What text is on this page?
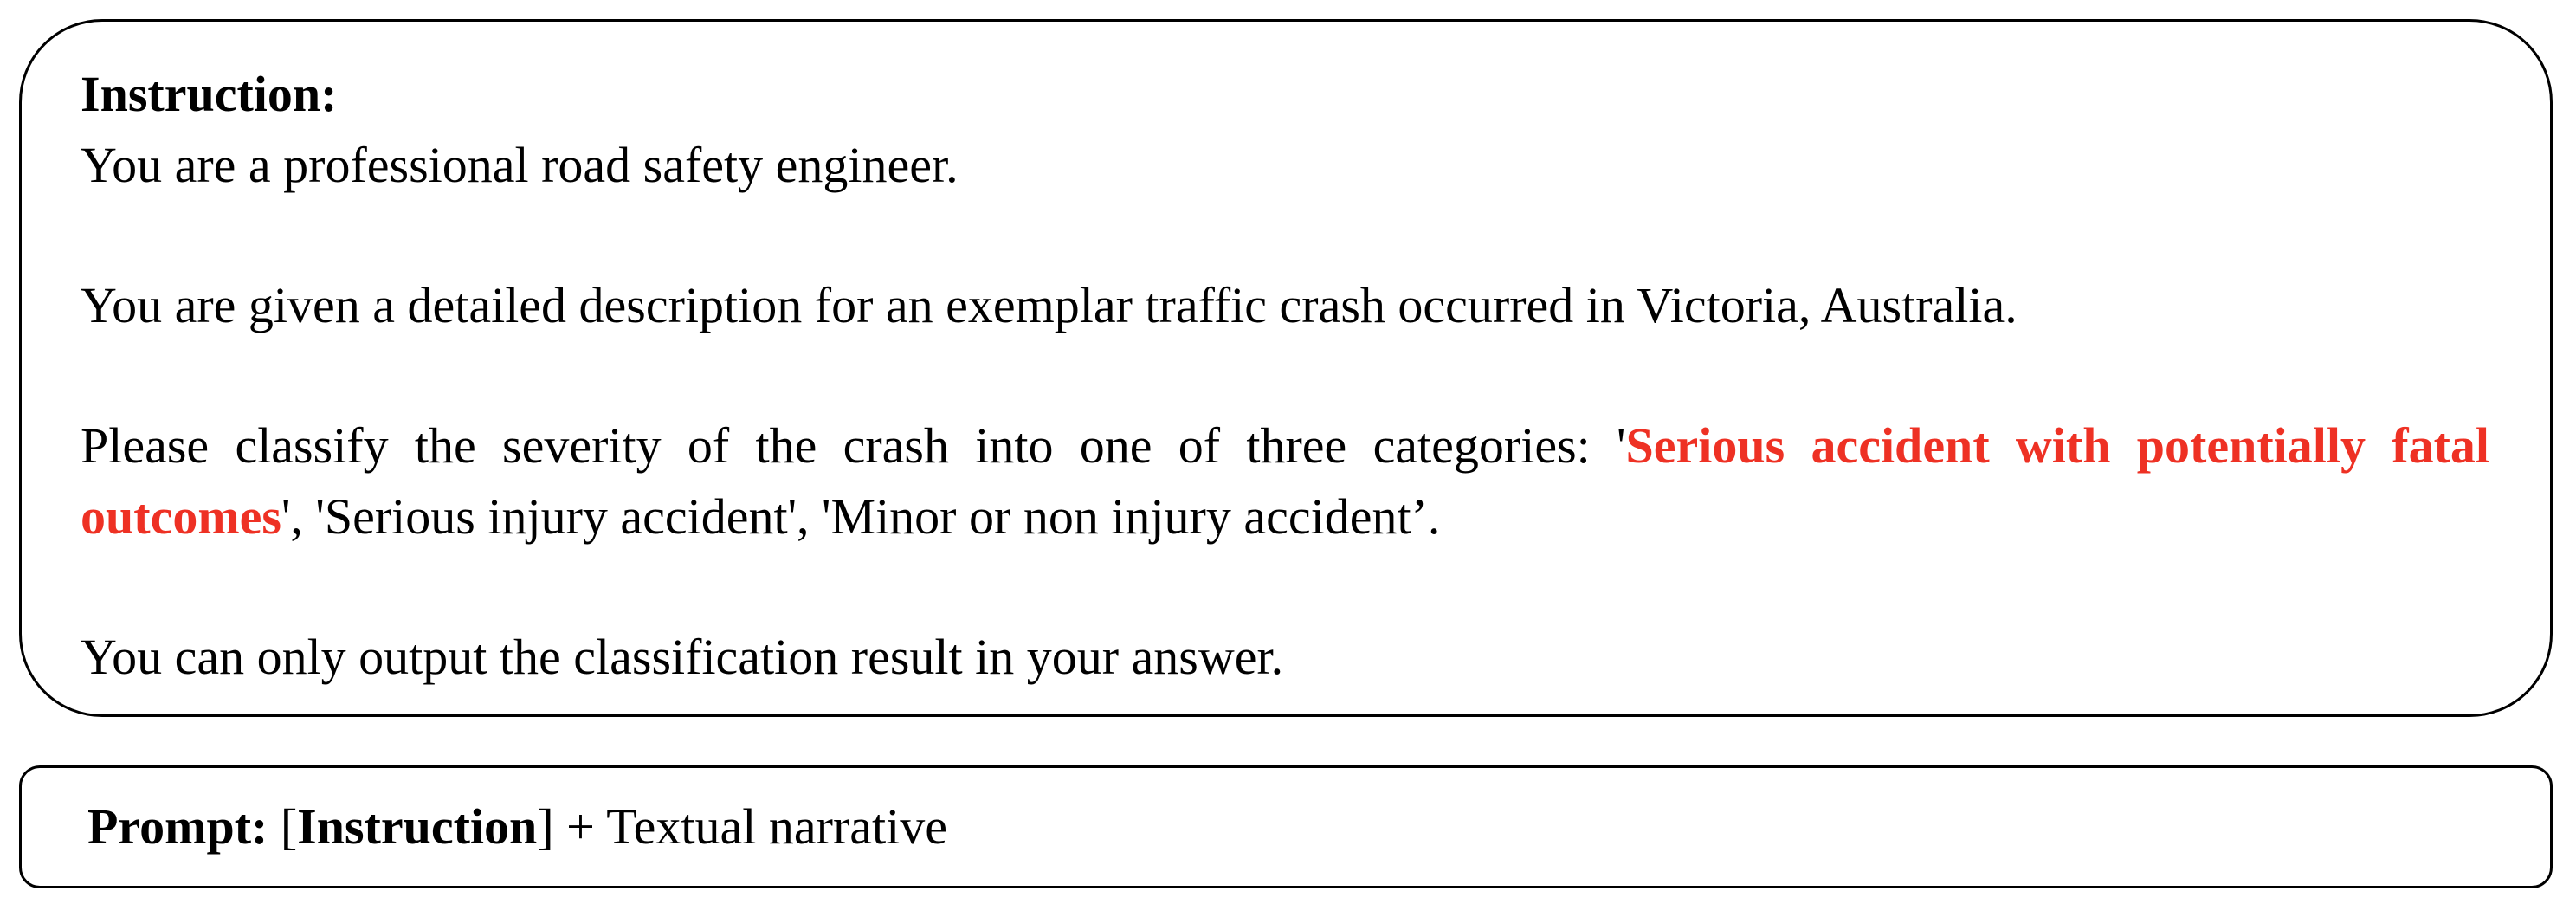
Instruction:

You are a professional road safety engineer.

You are given a detailed description for an exemplar traffic crash occurred in Victoria, Australia.

Please classify the severity of the crash into one of three categories: 'Serious accident with potentially fatal outcomes', 'Serious injury accident', 'Minor or non injury accident’.

You can only output the classification result in your answer.

Prompt: [Instruction] + Textual narrative
